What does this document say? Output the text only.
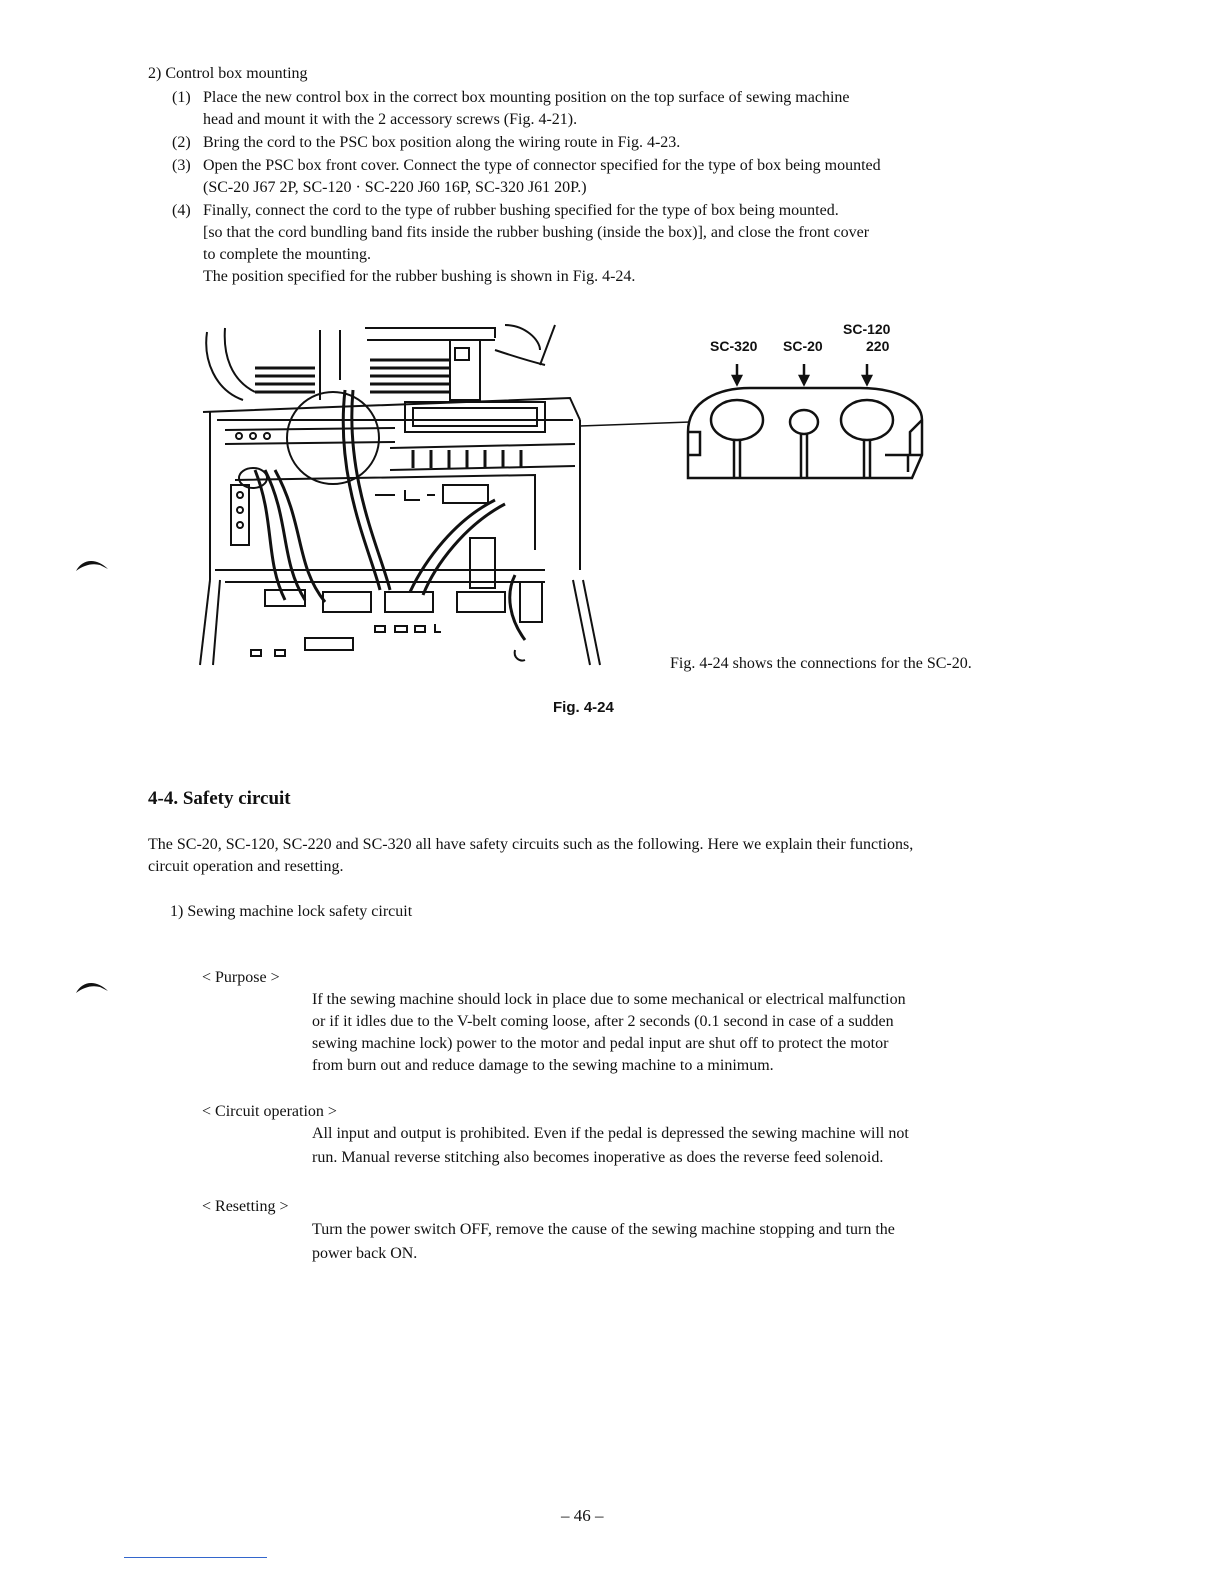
2) Control box mounting
(1) Place the new control box in the correct box mounting position on the top surface of sewing machine
head and mount it with the 2 accessory screws (Fig. 4-21).
(2) Bring the cord to the PSC box position along the wiring route in Fig. 4-23.
(3) Open the PSC box front cover. Connect the type of connector specified for the type of box being mounted
(SC-20 J67 2P, SC-120 · SC-220 J60 16P, SC-320 J61 20P.)
(4) Finally, connect the cord to the type of rubber bushing specified for the type of box being mounted.
[so that the cord bundling band fits inside the rubber bushing (inside the box)], and close the front cover
to complete the mounting.
The position specified for the rubber bushing is shown in Fig. 4-24.
SC-320 SC-20
SC-120
220
Fig. 4-24 shows the connections for the SC-20.
Fig. 4-24
4-4. Safety circuit
The SC-20, SC-120, SC-220 and SC-320 all have safety circuits such as the following. Here we explain their functions,
circuit operation and resetting.
1) Sewing machine lock safety circuit
< Purpose >
If the sewing machine should lock in place due to some mechanical or electrical malfunction
or if it idles due to the V-belt coming loose, after 2 seconds (0.1 second in case of a sudden
sewing machine lock) power to the motor and pedal input are shut off to protect the motor
from burn out and reduce damage to the sewing machine to a minimum.
< Circuit operation >
All input and output is prohibited. Even if the pedal is depressed the sewing machine will not
run. Manual reverse stitching also becomes inoperative as does the reverse feed solenoid.
< Resetting >
Turn the power switch OFF, remove the cause of the sewing machine stopping and turn the
power back ON.
– 46 –
